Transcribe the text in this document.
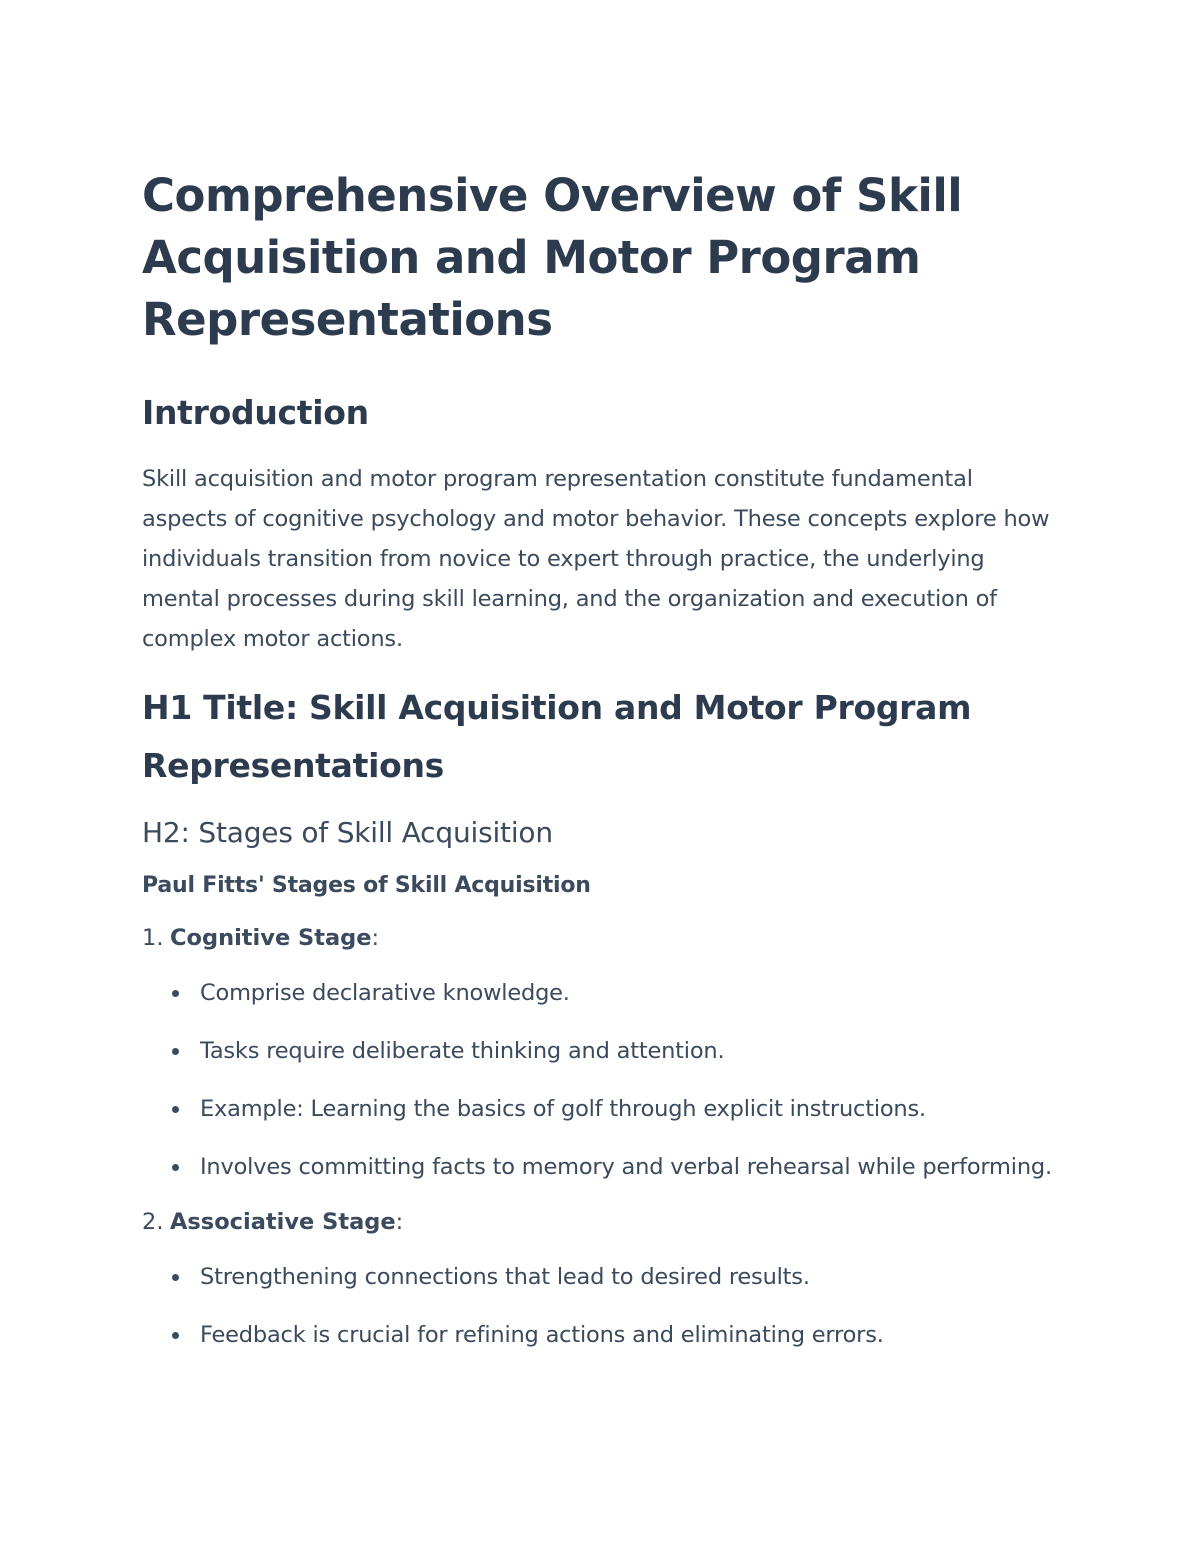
Comprehensive Overview of Skill Acquisition and Motor Program Representations
Introduction

Skill acquisition and motor program representation constitute fundamental aspects of cognitive psychology and motor behavior. These concepts explore how individuals transition from novice to expert through practice, the underlying mental processes during skill learning, and the organization and execution of complex motor actions.

H1 Title: Skill Acquisition and Motor Program Representations
H2: Stages of Skill Acquisition
Paul Fitts' Stages of Skill Acquisition
1. Cognitive Stage:
Comprise declarative knowledge.
Tasks require deliberate thinking and attention.
Example: Learning the basics of golf through explicit instructions.
Involves committing facts to memory and verbal rehearsal while performing.
2. Associative Stage:
Strengthening connections that lead to desired results.
Feedback is crucial for refining actions and eliminating errors.
